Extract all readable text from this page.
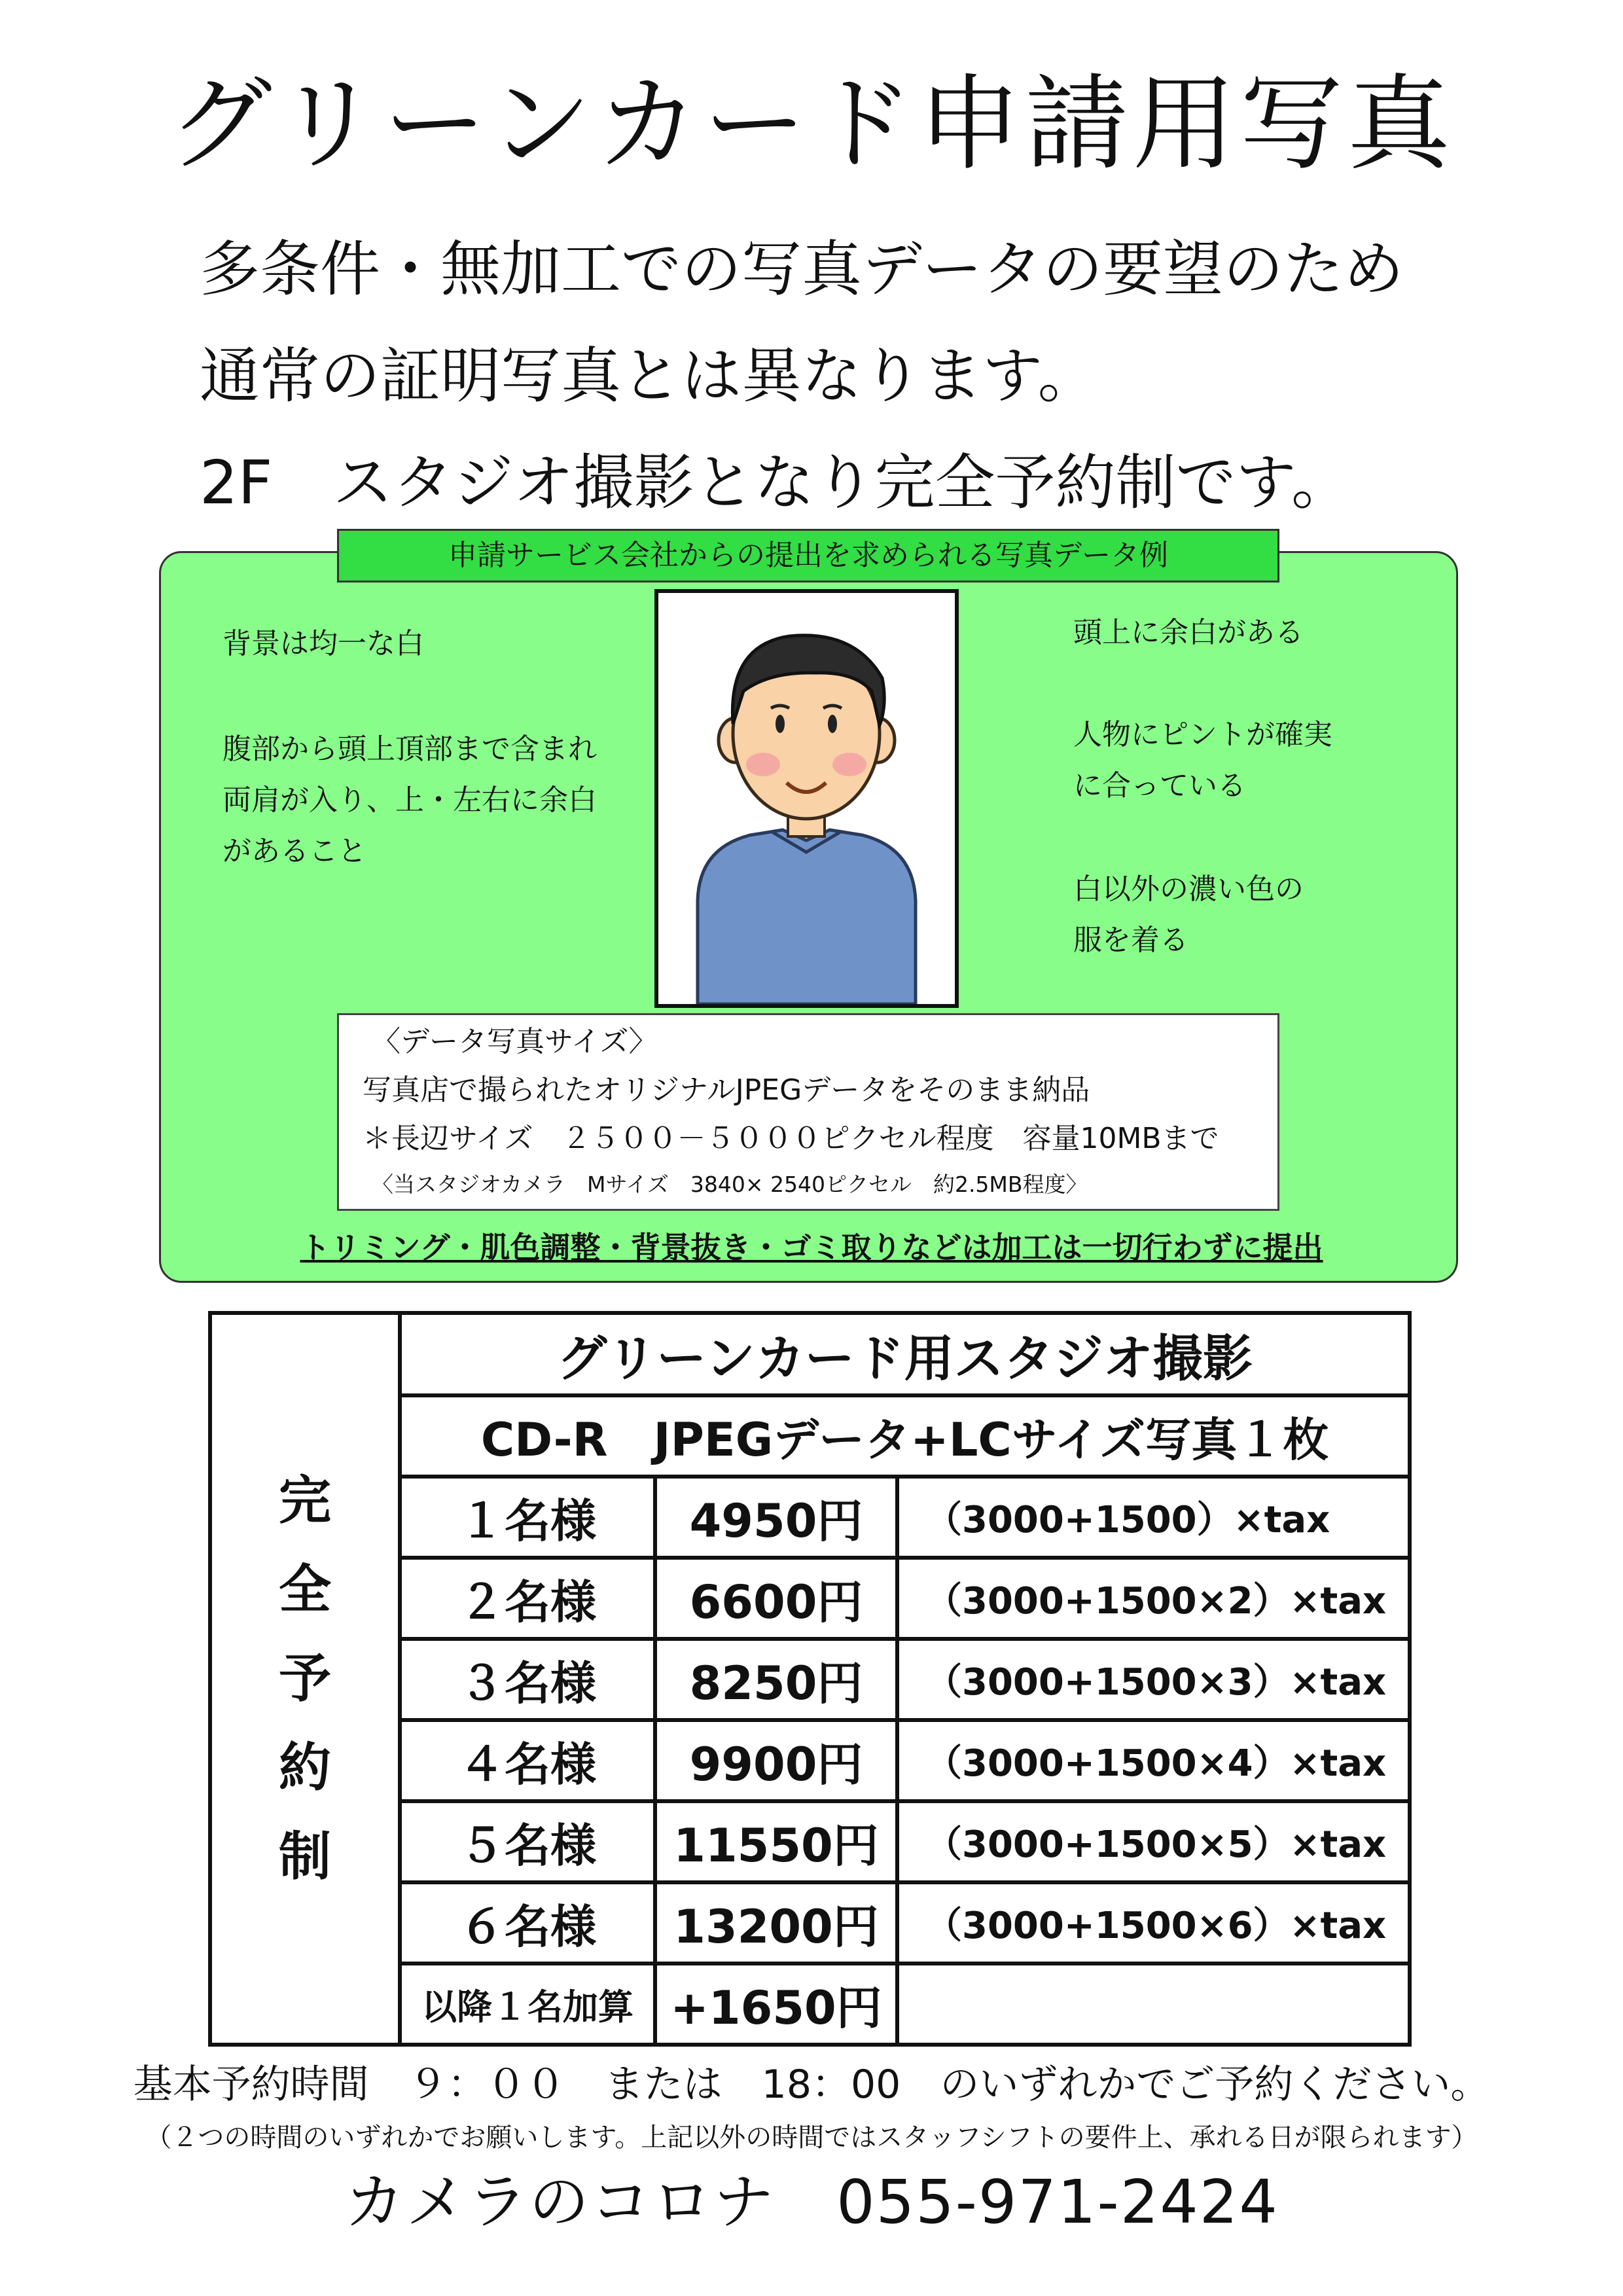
グリーンカード申請用写真
多条件・無加工での写真データの要望のため
通常の証明写真とは異なります。
2F　スタジオ撮影となり完全予約制です。
申請サービス会社からの提出を求められる写真データ例
背景は均一な白
腹部から頭上頂部まで含まれ
両肩が入り、上・左右に余白
があること
頭上に余白がある
人物にピントが確実
に合っている
白以外の濃い色の
服を着る
〈データ写真サイズ〉
写真店で撮られたオリジナルJPEGデータをそのまま納品
＊長辺サイズ　２５００－５０００ピクセル程度　容量10MBまで
〈当スタジオカメラ　Mサイズ　3840× 2540ピクセル　約2.5MB程度〉
トリミング・肌色調整・背景抜き・ゴミ取りなどは加工は一切行わずに提出
完
全
予
約
制	グリーンカード用スタジオ撮影		
	CD-R　JPEGデータ+LCサイズ写真１枚		
	１名様	4950円	（3000+1500）×tax
	２名様	6600円	（3000+1500×2）×tax
	３名様	8250円	（3000+1500×3）×tax
	４名様	9900円	（3000+1500×4）×tax
	５名様	11550円	（3000+1500×5）×tax
	６名様	13200円	（3000+1500×6）×tax
	以降１名加算	+1650円	
基本予約時間　９：００　または　18：00　のいずれかでご予約ください。
（２つの時間のいずれかでお願いします。上記以外の時間ではスタッフシフトの要件上、承れる日が限られます）
カメラのコロナ　055-971-2424
